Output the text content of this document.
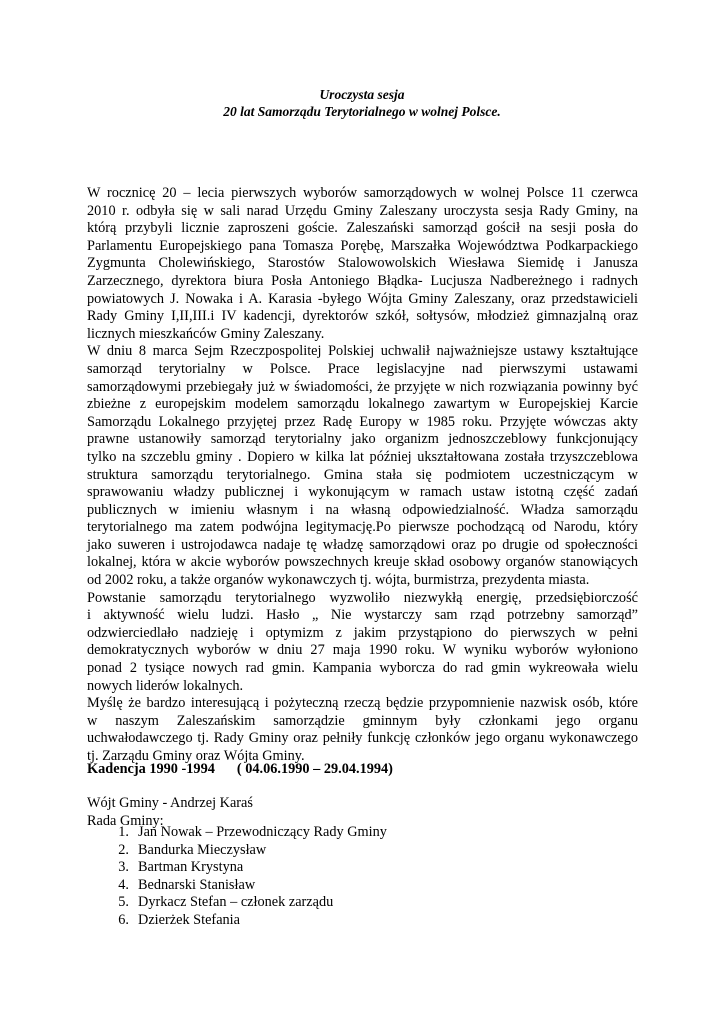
Uroczysta sesja
20 lat Samorządu Terytorialnego w wolnej Polsce.
W rocznicę 20 – lecia pierwszych wyborów samorządowych w wolnej Polsce 11 czerwca
2010 r. odbyła się w sali narad Urzędu Gminy Zaleszany uroczysta sesja Rady Gminy, na
którą przybyli licznie zaproszeni goście. Zaleszański samorząd gościł na sesji posła do
Parlamentu Europejskiego pana Tomasza Porębę, Marszałka Województwa Podkarpackiego
Zygmunta Cholewińskiego, Starostów Stalowowolskich Wiesława Siemidę i Janusza
Zarzecznego, dyrektora biura Posła Antoniego Błądka- Lucjusza Nadbereżnego i radnych
powiatowych J. Nowaka i A. Karasia -byłego Wójta Gminy Zaleszany, oraz przedstawicieli
Rady Gminy I,II,III.i IV kadencji, dyrektorów szkół, sołtysów, młodzież gimnazjalną oraz
licznych mieszkańców Gminy Zaleszany.
W dniu 8 marca Sejm Rzeczpospolitej Polskiej uchwalił najważniejsze ustawy kształtujące
samorząd terytorialny w Polsce. Prace legislacyjne nad pierwszymi ustawami
samorządowymi przebiegały już w świadomości, że przyjęte w nich rozwiązania powinny być
zbieżne z europejskim modelem samorządu lokalnego zawartym w Europejskiej Karcie
Samorządu Lokalnego przyjętej przez Radę Europy w 1985 roku. Przyjęte wówczas akty
prawne ustanowiły samorząd terytorialny jako organizm jednoszczeblowy funkcjonujący
tylko na szczeblu gminy . Dopiero w kilka lat później ukształtowana została trzyszczeblowa
struktura samorządu terytorialnego. Gmina stała się podmiotem uczestniczącym w
sprawowaniu władzy publicznej i wykonującym w ramach ustaw istotną część zadań
publicznych w imieniu własnym i na własną odpowiedzialność. Władza samorządu
terytorialnego ma zatem podwójna legitymację.Po pierwsze pochodzącą od Narodu, który
jako suweren i ustrojodawca nadaje tę władzę samorządowi oraz po drugie od społeczności
lokalnej, która w akcie wyborów powszechnych kreuje skład osobowy organów stanowiących
od 2002 roku, a także organów wykonawczych tj. wójta, burmistrza, prezydenta miasta.
Powstanie samorządu terytorialnego wyzwoliło niezwykłą energię, przedsiębiorczość
i aktywność wielu ludzi. Hasło „ Nie wystarczy sam rząd potrzebny samorząd”
odzwierciedlało nadzieję i optymizm z jakim przystąpiono do pierwszych w pełni
demokratycznych wyborów w dniu 27 maja 1990 roku. W wyniku wyborów wyłoniono
ponad 2 tysiące nowych rad gmin. Kampania wyborcza do rad gmin wykreowała wielu
nowych liderów lokalnych.
Myślę że bardzo interesującą i pożyteczną rzeczą będzie przypomnienie nazwisk osób, które
w naszym Zaleszańskim samorządzie gminnym były członkami jego organu
uchwałodawczego tj. Rady Gminy oraz pełniły funkcję członków jego organu wykonawczego
tj. Zarządu Gminy oraz Wójta Gminy.
Kadencja 1990 -1994 ( 04.06.1990 – 29.04.1994)
Wójt Gminy - Andrzej Karaś
Rada Gminy:
1. Jan Nowak – Przewodniczący Rady Gminy
2. Bandurka Mieczysław
3. Bartman Krystyna
4. Bednarski Stanisław
5. Dyrkacz Stefan – członek zarządu
6. Dzierżek Stefania
